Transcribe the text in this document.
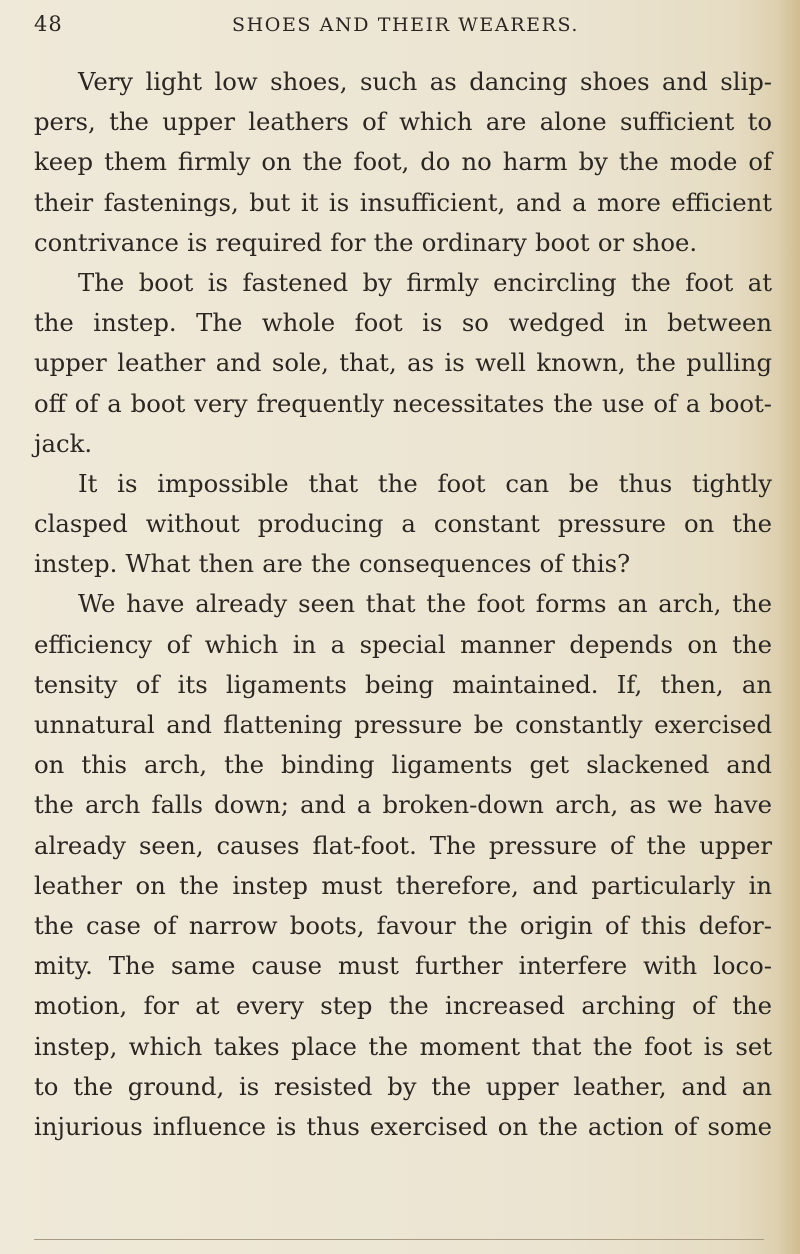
48	SHOES AND THEIR WEARERS.
Very light low shoes, such as dancing shoes and slip-
pers, the upper leathers of which are alone sufficient to
keep them firmly on the foot, do no harm by the mode of
their fastenings, but it is insufficient, and a more efficient
contrivance is required for the ordinary boot or shoe.
The boot is fastened by firmly encircling the foot at
the instep. The whole foot is so wedged in between
upper leather and sole, that, as is well known, the pulling
off of a boot very frequently necessitates the use of a boot-
jack.
It is impossible that the foot can be thus tightly
clasped without producing a constant pressure on the
instep. What then are the consequences of this?
We have already seen that the foot forms an arch, the
efficiency of which in a special manner depends on the
tensity of its ligaments being maintained. If, then, an
unnatural and flattening pressure be constantly exercised
on this arch, the binding ligaments get slackened and
the arch falls down; and a broken-down arch, as we have
already seen, causes flat-foot. The pressure of the upper
leather on the instep must therefore, and particularly in
the case of narrow boots, favour the origin of this defor-
mity. The same cause must further interfere with loco-
motion, for at every step the increased arching of the
instep, which takes place the moment that the foot is set
to the ground, is resisted by the upper leather, and an
injurious influence is thus exercised on the action of some
